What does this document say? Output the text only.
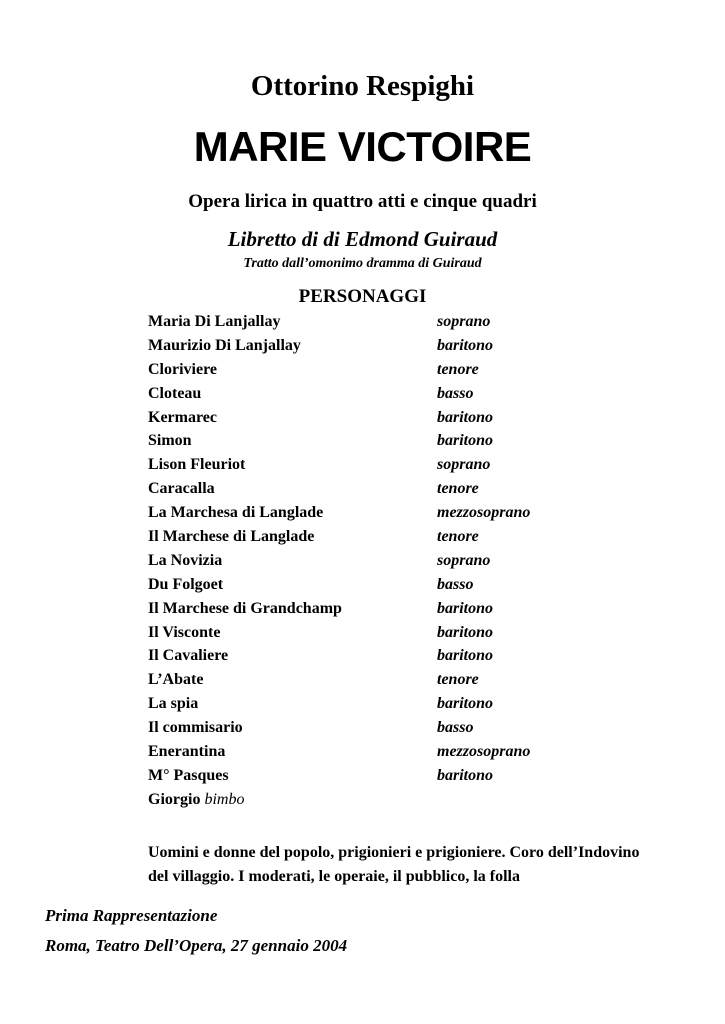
Ottorino Respighi
MARIE VICTOIRE
Opera lirica in quattro atti e cinque quadri
Libretto di di Edmond Guiraud
Tratto dall’omonimo dramma di Guiraud
PERSONAGGI
Maria Di Lanjallay	soprano
Maurizio Di Lanjallay	baritono
Cloriviere	tenore
Cloteau	basso
Kermarec	baritono
Simon	baritono
Lison Fleuriot	soprano
Caracalla	tenore
La Marchesa di Langlade	mezzosoprano
Il Marchese di Langlade	tenore
La Novizia	soprano
Du Folgoet	basso
Il Marchese di Grandchamp	baritono
Il Visconte	baritono
Il Cavaliere	baritono
L’Abate	tenore
La spia	baritono
Il commisario	basso
Enerantina	mezzosoprano
M° Pasques	baritono
Giorgio bimbo
Uomini e donne del popolo, prigionieri e prigioniere. Coro dell’Indovino
del villaggio. I moderati, le operaie, il pubblico, la folla
Prima Rappresentazione
Roma, Teatro Dell’Opera, 27 gennaio 2004
